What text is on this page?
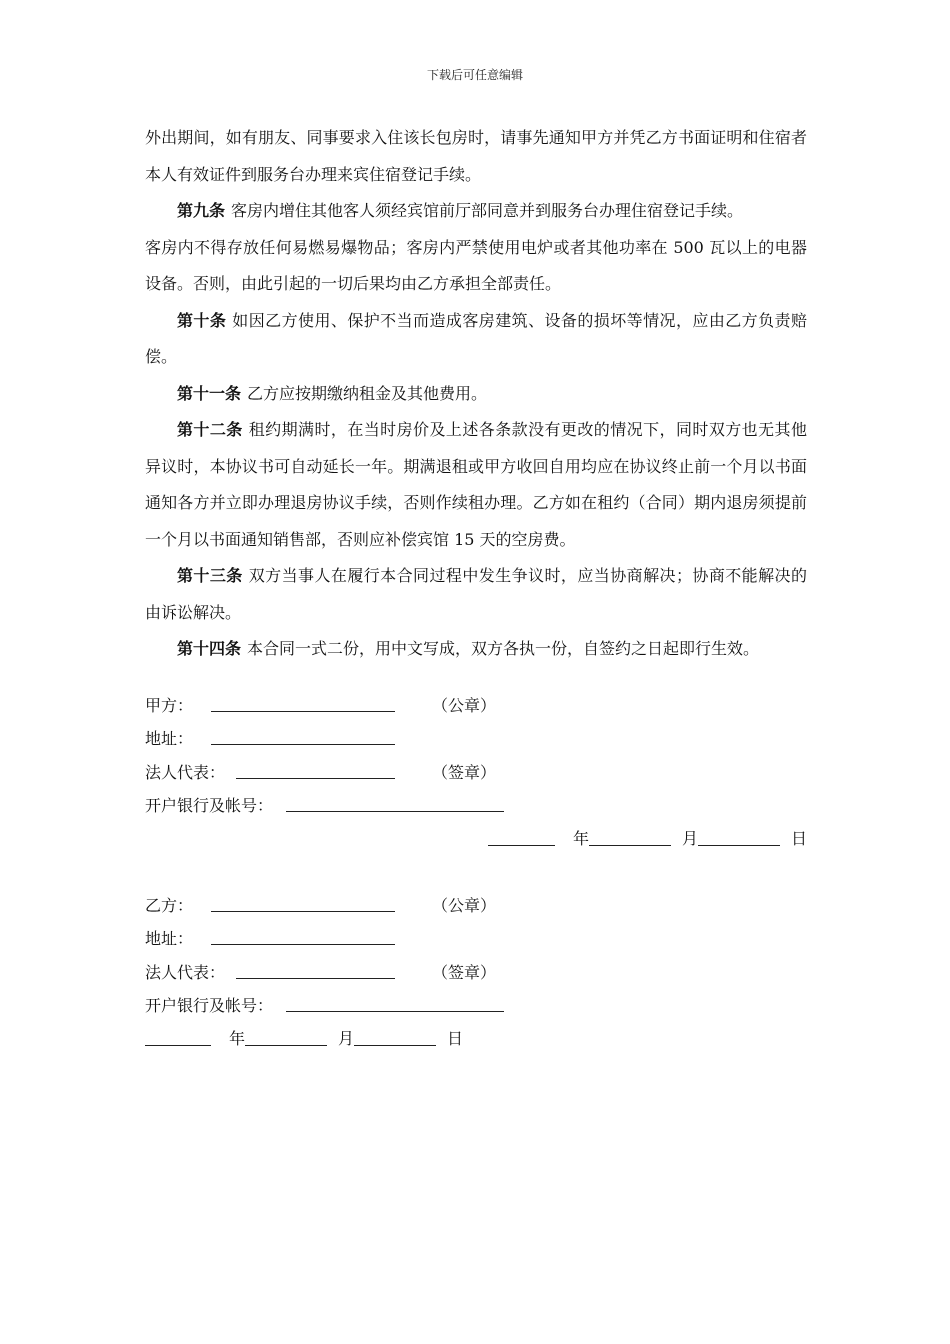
下载后可任意编辑

外出期间，如有朋友、同事要求入住该长包房时，请事先通知甲方并凭乙方书面证明和住宿者本人有效证件到服务台办理来宾住宿登记手续。

第九条 客房内增住其他客人须经宾馆前厅部同意并到服务台办理住宿登记手续。

客房内不得存放任何易燃易爆物品；客房内严禁使用电炉或者其他功率在 500 瓦以上的电器设备。否则，由此引起的一切后果均由乙方承担全部责任。

第十条 如因乙方使用、保护不当而造成客房建筑、设备的损坏等情况，应由乙方负责赔偿。

第十一条 乙方应按期缴纳租金及其他费用。

第十二条 租约期满时，在当时房价及上述各条款没有更改的情况下，同时双方也无其他异议时，本协议书可自动延长一年。期满退租或甲方收回自用均应在协议终止前一个月以书面通知各方并立即办理退房协议手续，否则作续租办理。乙方如在租约（合同）期内退房须提前一个月以书面通知销售部，否则应补偿宾馆 15 天的空房费。

第十三条 双方当事人在履行本合同过程中发生争议时，应当协商解决；协商不能解决的由诉讼解决。

第十四条 本合同一式二份，用中文写成，双方各执一份，自签约之日起即行生效。

甲方：	（公章）
地址：
法人代表：	（签章）
开户银行及帐号：
年	月	日
乙方：	（公章）
地址：
法人代表：	（签章）
开户银行及帐号：
年	月	日
